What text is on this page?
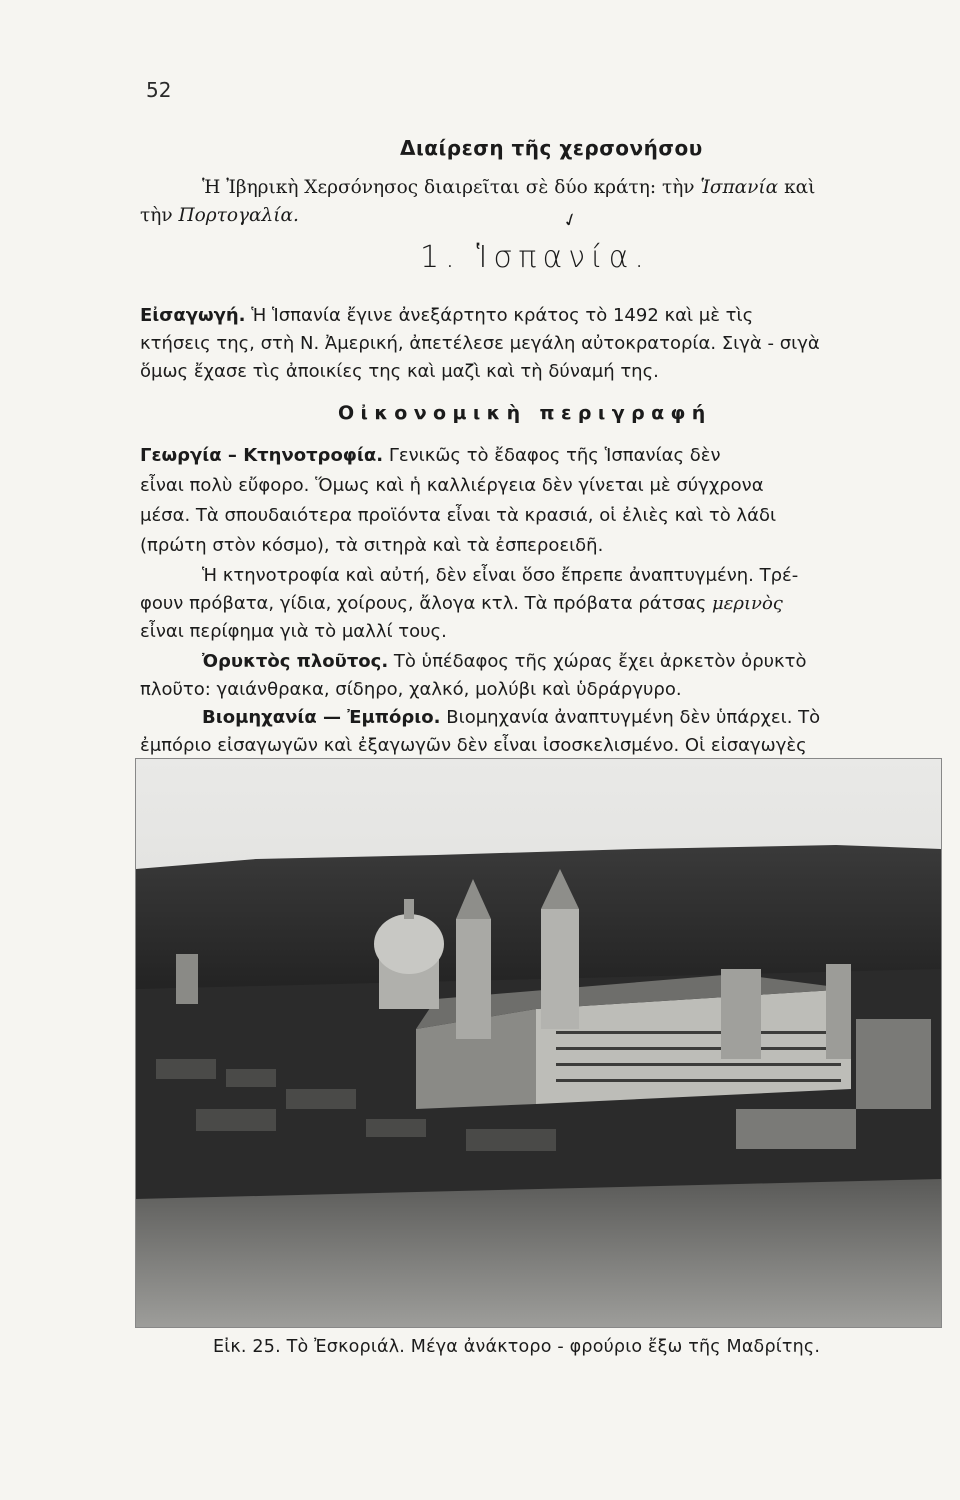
52
Διαίρεση τῆς χερσονήσου
Ἡ Ἰβηρικὴ Χερσόνησος διαιρεῖται σὲ δύο κράτη: τὴν Ἱσπανία καὶ
τὴν Πορτογαλία.	✓
1. Ἱσπανία.
Εἰσαγωγή. Ἡ Ἱσπανία ἔγινε ἀνεξάρτητο κράτος τὸ 1492 καὶ μὲ τὶς
κτήσεις της, στὴ Ν. Ἀμερική, ἀπετέλεσε μεγάλη αὐτοκρατορία. Σιγὰ - σιγὰ
ὅμως ἔχασε τὶς ἀποικίες της καὶ μαζὶ καὶ τὴ δύναμή της.
Οἰκονομικὴ περιγραφή
Γεωργία – Κτηνοτροφία. Γενικῶς τὸ ἔδαφος τῆς Ἱσπανίας δὲν
εἶναι πολὺ εὔφορο. Ὅμως καὶ ἡ καλλιέργεια δὲν γίνεται μὲ σύγχρονα
μέσα. Τὰ σπουδαιότερα προϊόντα εἶναι τὰ κρασιά, οἱ ἐλιὲς καὶ τὸ λάδι
(πρώτη στὸν κόσμο), τὰ σιτηρὰ καὶ τὰ ἐσπεροειδῆ.
Ἡ κτηνοτροφία καὶ αὐτή, δὲν εἶναι ὅσο ἔπρεπε ἀναπτυγμένη. Τρέ-
φουν πρόβατα, γίδια, χοίρους, ἄλογα κτλ. Τὰ πρόβατα ράτσας μερινὸς
εἶναι περίφημα γιὰ τὸ μαλλί τους.
Ὀρυκτὸς πλοῦτος. Τὸ ὑπέδαφος τῆς χώρας ἔχει ἀρκετὸν ὀρυκτὸ
πλοῦτο: γαιάνθρακα, σίδηρο, χαλκό, μολύβι καὶ ὑδράργυρο.
Βιομηχανία — Ἐμπόριο. Βιομηχανία ἀναπτυγμένη δὲν ὑπάρχει. Τὸ
ἐμπόριο εἰσαγωγῶν καὶ ἐξαγωγῶν δὲν εἶναι ἰσοσκελισμένο. Οἱ εἰσαγωγὲς
Εἰκ. 25. Τὸ Ἐσκοριάλ. Μέγα ἀνάκτορο - φρούριο ἔξω τῆς Μαδρίτης.
